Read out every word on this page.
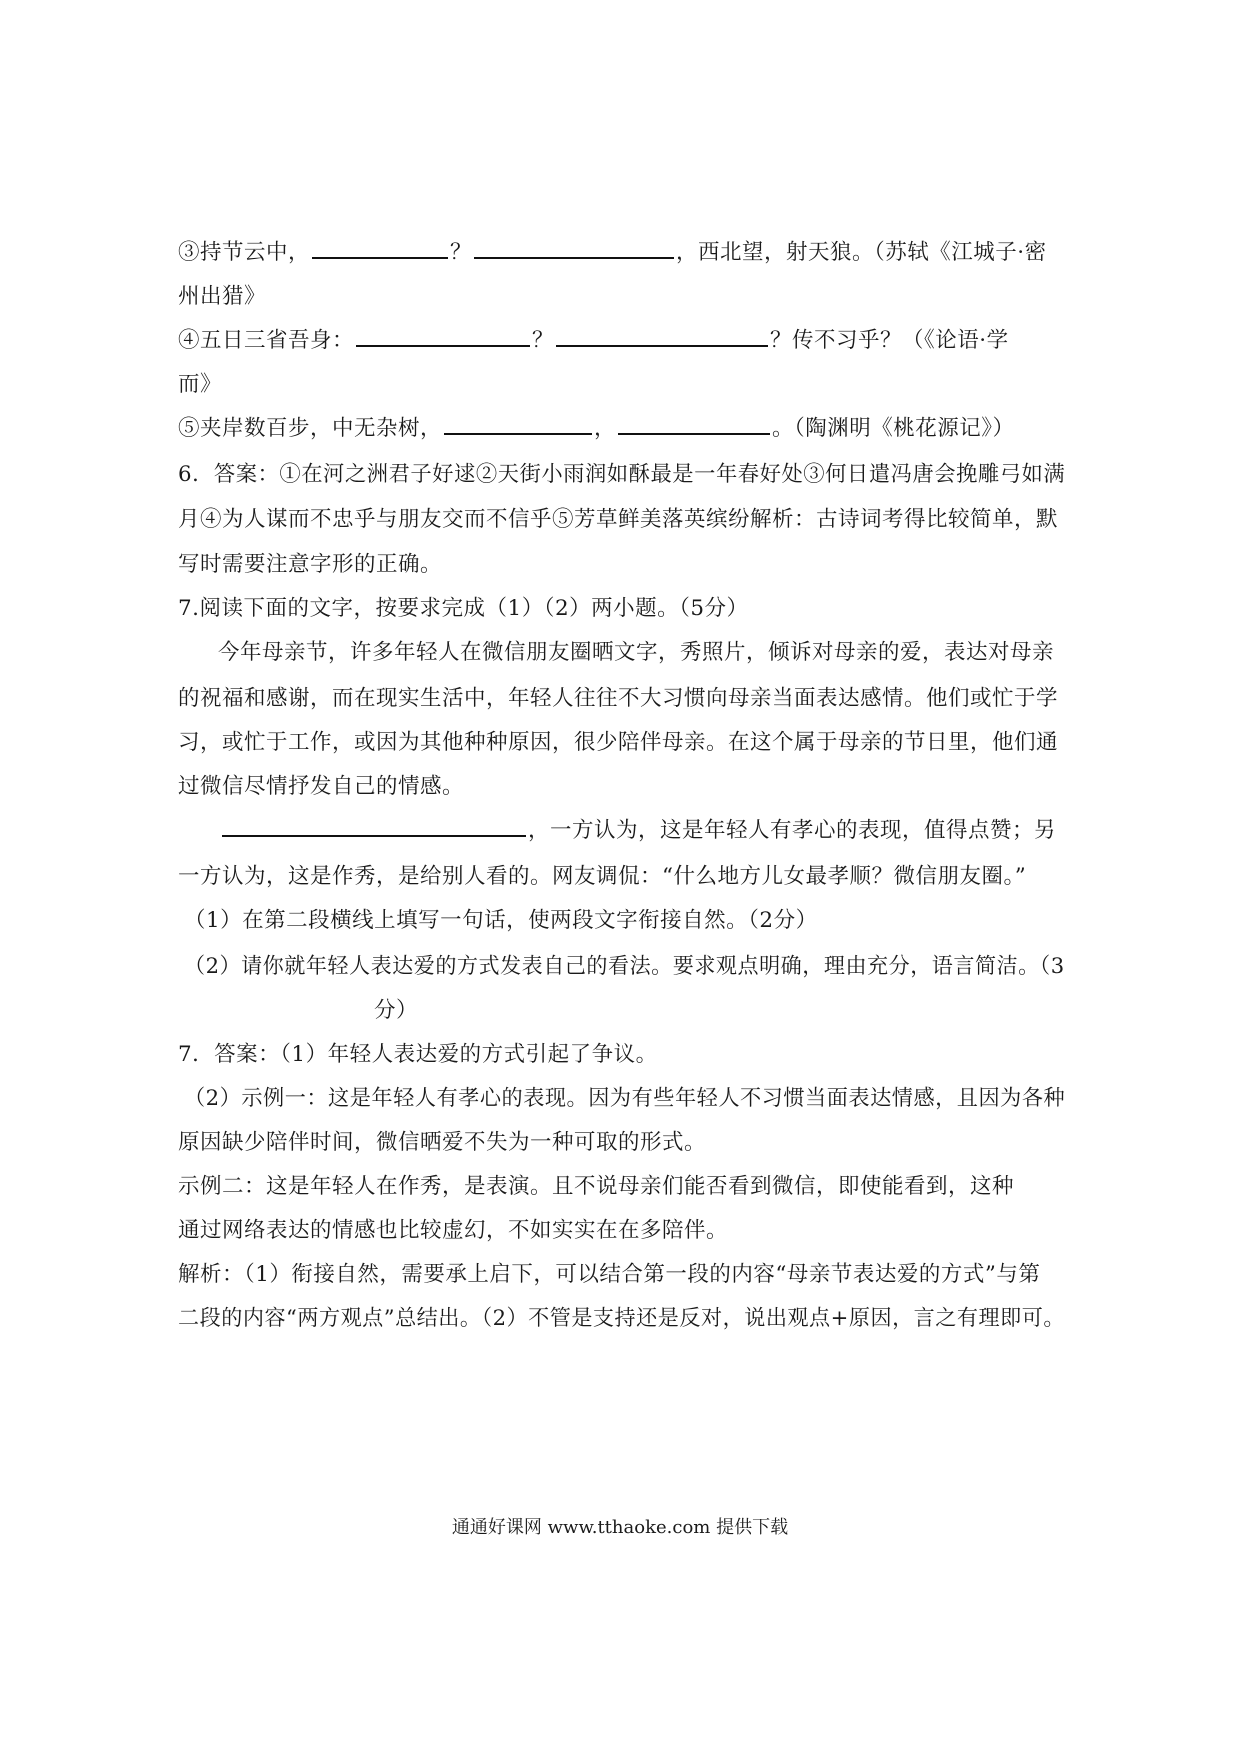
③持节云中，	？	，西北望，射天狼。（苏轼《江城子·密
州出猎》
④五日三省吾身：	？	？传不习乎？（《论语·学
而》
⑤夹岸数百步，中无杂树，	，	。（陶渊明《桃花源记》）
6．答案：①在河之洲君子好逑②天街小雨润如酥最是一年春好处③何日遣冯唐会挽雕弓如满
月④为人谋而不忠乎与朋友交而不信乎⑤芳草鲜美落英缤纷解析：古诗词考得比较简单，默
写时需要注意字形的正确。
7.阅读下面的文字，按要求完成（1）（2）两小题。（5分）
今年母亲节，许多年轻人在微信朋友圈晒文字，秀照片，倾诉对母亲的爱，表达对母亲
的祝福和感谢，而在现实生活中，年轻人往往不大习惯向母亲当面表达感情。他们或忙于学
习，或忙于工作，或因为其他种种原因，很少陪伴母亲。在这个属于母亲的节日里，他们通
过微信尽情抒发自己的情感。
，一方认为，这是年轻人有孝心的表现，值得点赞；另
一方认为，这是作秀，是给别人看的。网友调侃：“什么地方儿女最孝顺？微信朋友圈。”
（1）在第二段横线上填写一句话，使两段文字衔接自然。（2分）
（2）请你就年轻人表达爱的方式发表自己的看法。要求观点明确，理由充分，语言简洁。（3
分）
7．答案：（1）年轻人表达爱的方式引起了争议。
（2）示例一：这是年轻人有孝心的表现。因为有些年轻人不习惯当面表达情感，且因为各种
原因缺少陪伴时间，微信晒爱不失为一种可取的形式。
示例二：这是年轻人在作秀，是表演。且不说母亲们能否看到微信，即使能看到，这种
通过网络表达的情感也比较虚幻，不如实实在在多陪伴。
解析：（1）衔接自然，需要承上启下，可以结合第一段的内容“母亲节表达爱的方式”与第
二段的内容“两方观点”总结出。（2）不管是支持还是反对，说出观点+原因，言之有理即可。
通通好课网 www.tthaoke.com 提供下载
